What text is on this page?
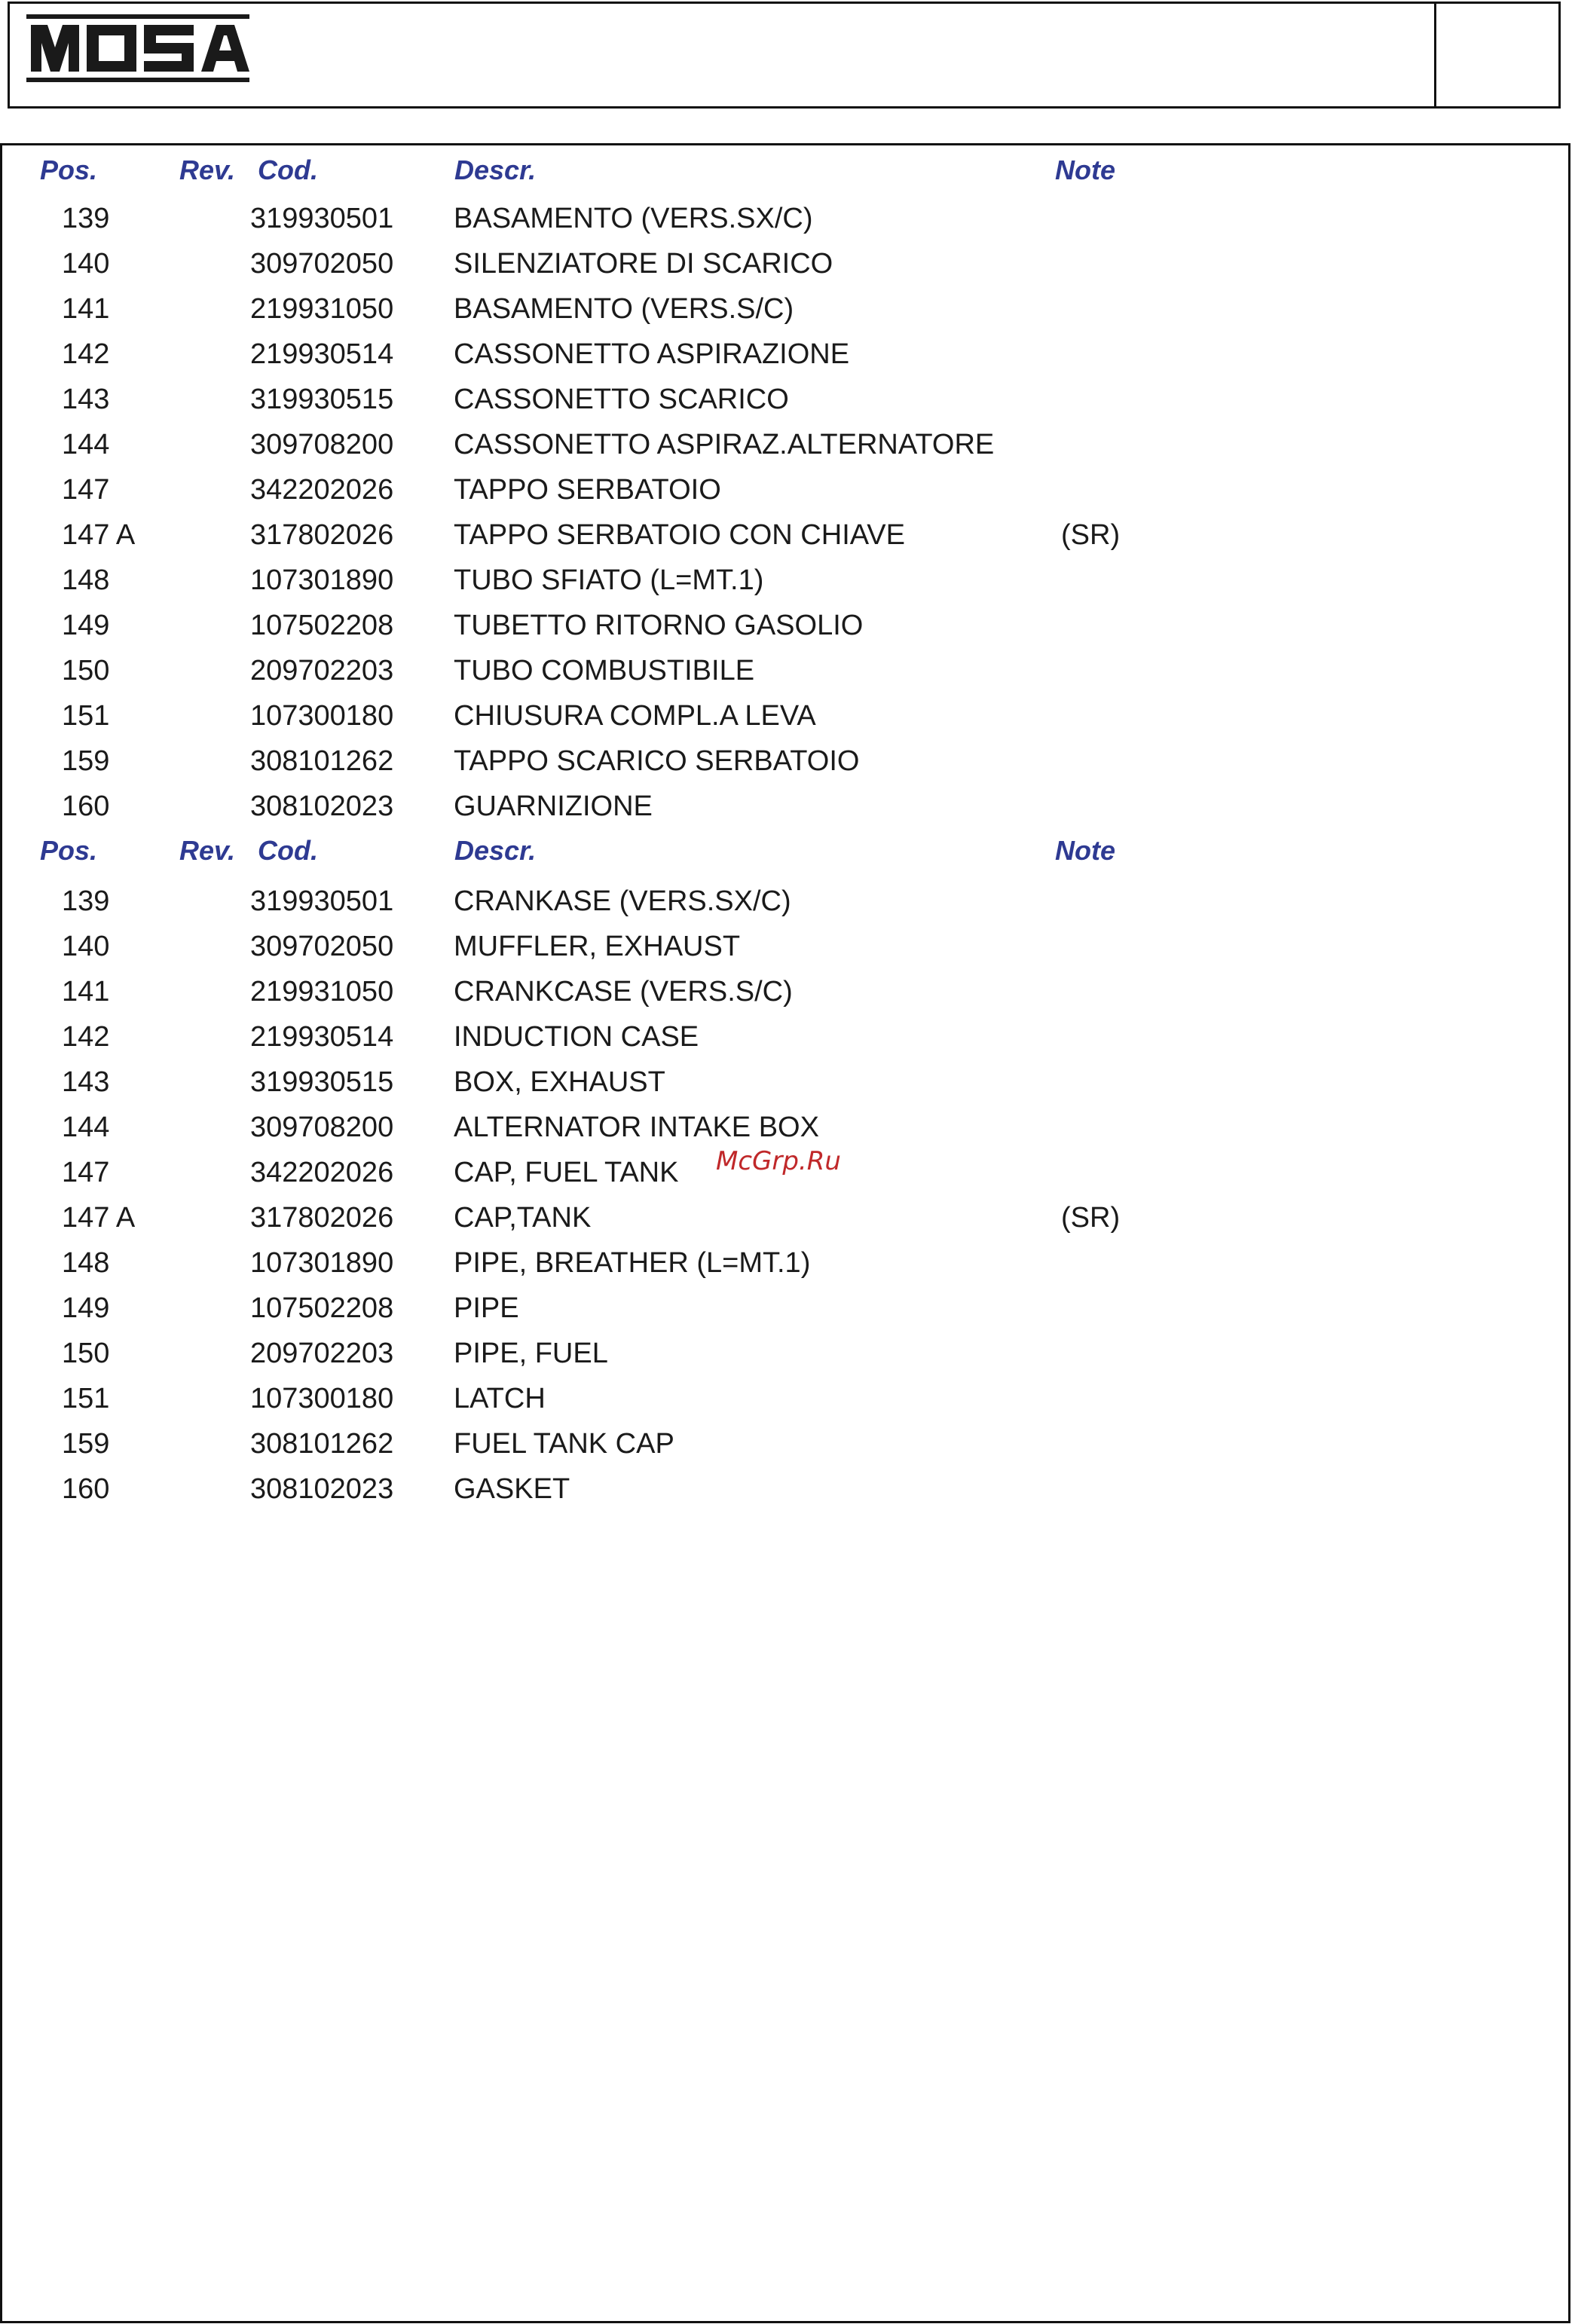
Pos.	Rev. Cod.	Descr.	Note
139	319930501 BASAMENTO (VERS.SX/C)
140	309702050 SILENZIATORE DI SCARICO
141	219931050 BASAMENTO (VERS.S/C)
142	219930514 CASSONETTO ASPIRAZIONE
143	319930515 CASSONETTO SCARICO
144	309708200 CASSONETTO ASPIRAZ.ALTERNATORE
147	342202026 TAPPO SERBATOIO
147 A	317802026 TAPPO SERBATOIO CON CHIAVE	(SR)
148	107301890 TUBO SFIATO (L=MT.1)
149	107502208 TUBETTO RITORNO GASOLIO
150	209702203 TUBO COMBUSTIBILE
151	107300180 CHIUSURA COMPL.A LEVA
159	308101262 TAPPO SCARICO SERBATOIO
160	308102023 GUARNIZIONE
Pos.	Rev. Cod.	Descr.	Note
139	319930501 CRANKASE (VERS.SX/C)
140	309702050 MUFFLER, EXHAUST
141	219931050 CRANKCASE (VERS.S/C)
142	219930514 INDUCTION CASE
143	319930515 BOX, EXHAUST
144	309708200 ALTERNATOR INTAKE BOX
147	342202026 CAP, FUEL TANK
147 A	317802026 CAP,TANK	(SR)
148	107301890 PIPE, BREATHER (L=MT.1)
149	107502208 PIPE
150	209702203 PIPE, FUEL
151	107300180 LATCH
159	308101262 FUEL TANK CAP
160	308102023 GASKET
McGrp.Ru
